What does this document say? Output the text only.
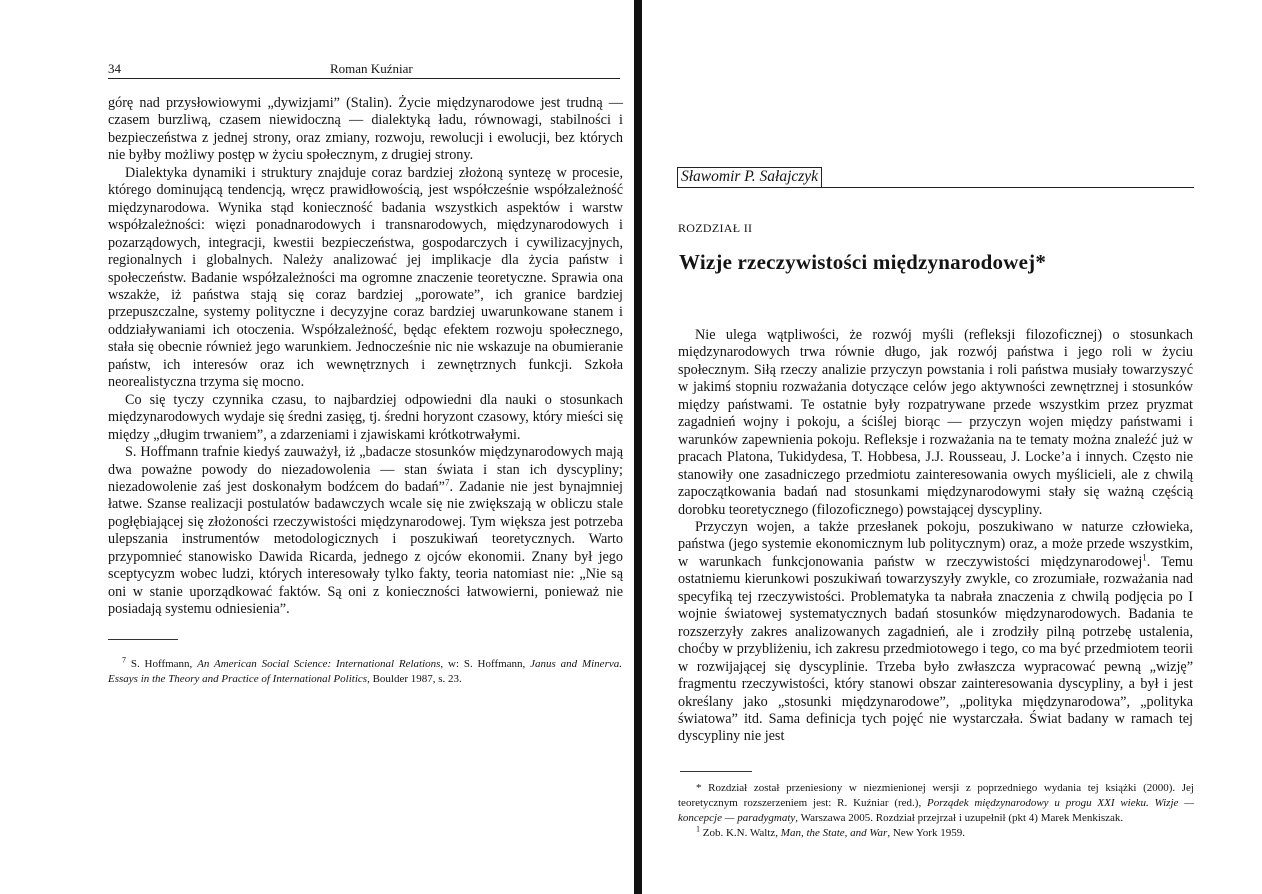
34	Roman Kuźniar

górę nad przysłowiowymi „dywizjami” (Stalin). Życie międzynarodowe jest trudną — czasem burzliwą, czasem niewidoczną — dialektyką ładu, równowagi, stabilności i bezpieczeństwa z jednej strony, oraz zmiany, rozwoju, rewolucji i ewolucji, bez których nie byłby możliwy postęp w życiu społecznym, z drugiej strony.

Dialektyka dynamiki i struktury znajduje coraz bardziej złożoną syntezę w procesie, którego dominującą tendencją, wręcz prawidłowością, jest współcześnie współzależność międzynarodowa. Wynika stąd konieczność badania wszystkich aspektów i warstw współzależności: więzi ponadnarodowych i transnarodowych, międzynarodowych i pozarządowych, integracji, kwestii bezpieczeństwa, gospodarczych i cywilizacyjnych, regionalnych i globalnych. Należy analizować jej implikacje dla życia państw i społeczeństw. Badanie współzależności ma ogromne znaczenie teoretyczne. Sprawia ona wszakże, iż państwa stają się coraz bardziej „porowate”, ich granice bardziej przepuszczalne, systemy polityczne i decyzyjne coraz bardziej uwarunkowane stanem i oddziaływaniami ich otoczenia. Współzależność, będąc efektem rozwoju społecznego, stała się obecnie również jego warunkiem. Jednocześnie nic nie wskazuje na obumieranie państw, ich interesów oraz ich wewnętrznych i zewnętrznych funkcji. Szkoła neorealistyczna trzyma się mocno.

Co się tyczy czynnika czasu, to najbardziej odpowiedni dla nauki o stosunkach międzynarodowych wydaje się średni zasięg, tj. średni horyzont czasowy, który mieści się między „długim trwaniem”, a zdarzeniami i zjawiskami krótkotrwałymi.

S. Hoffmann trafnie kiedyś zauważył, iż „badacze stosunków międzynarodowych mają dwa poważne powody do niezadowolenia — stan świata i stan ich dyscypliny; niezadowolenie zaś jest doskonałym bodźcem do badań”$^7$. Zadanie nie jest bynajmniej łatwe. Szanse realizacji postulatów badawczych wcale się nie zwiększają w obliczu stale pogłębiającej się złożoności rzeczywistości międzynarodowej. Tym większa jest potrzeba ulepszania instrumentów metodologicznych i poszukiwań teoretycznych. Warto przypomnieć stanowisko Dawida Ricarda, jednego z ojców ekonomii. Znany był jego sceptycyzm wobec ludzi, których interesowały tylko fakty, teoria natomiast nie: „Nie są oni w stanie uporządkować faktów. Są oni z konieczności łatwowierni, ponieważ nie posiadają systemu odniesienia”.

$^7$ S. Hoffmann, An American Social Science: International Relations, w: S. Hoffmann, Janus and Minerva. Essays in the Theory and Practice of International Politics, Boulder 1987, s. 23.
Sławomir P. Sałajczyk
ROZDZIAŁ II
Wizje rzeczywistości międzynarodowej*

Nie ulega wątpliwości, że rozwój myśli (refleksji filozoficznej) o stosunkach międzynarodowych trwa równie długo, jak rozwój państwa i jego roli w życiu społecznym. Siłą rzeczy analizie przyczyn powstania i roli państwa musiały towarzyszyć w jakimś stopniu rozważania dotyczące celów jego aktywności zewnętrznej i stosunków między państwami. Te ostatnie były rozpatrywane przede wszystkim przez pryzmat zagadnień wojny i pokoju, a ściślej biorąc — przyczyn wojen między państwami i warunków zapewnienia pokoju. Refleksje i rozważania na te tematy można znaleźć już w pracach Platona, Tukidydesa, T. Hobbesa, J.J. Rousseau, J. Locke’a i innych. Często nie stanowiły one zasadniczego przedmiotu zainteresowania owych myślicieli, ale z chwilą zapoczątkowania badań nad stosunkami międzynarodowymi stały się ważną częścią dorobku teoretycznego (filozoficznego) powstającej dyscypliny.

Przyczyn wojen, a także przesłanek pokoju, poszukiwano w naturze człowieka, państwa (jego systemie ekonomicznym lub politycznym) oraz, a może przede wszystkim, w warunkach funkcjonowania państw w rzeczywistości międzynarodowej$^1$. Temu ostatniemu kierunkowi poszukiwań towarzyszyły zwykle, co zrozumiałe, rozważania nad specyfiką tej rzeczywistości. Problematyka ta nabrała znaczenia z chwilą podjęcia po I wojnie światowej systematycznych badań stosunków międzynarodowych. Badania te rozszerzyły zakres analizowanych zagadnień, ale i zrodziły pilną potrzebę ustalenia, choćby w przybliżeniu, ich zakresu przedmiotowego i tego, co ma być przedmiotem teorii w rozwijającej się dyscyplinie. Trzeba było zwłaszcza wypracować pewną „wizję” fragmentu rzeczywistości, który stanowi obszar zainteresowania dyscypliny, a był i jest określany jako „stosunki międzynarodowe”, „polityka międzynarodowa”, „polityka światowa” itd. Sama definicja tych pojęć nie wystarczała. Świat badany w ramach tej dyscypliny nie jest

* Rozdział został przeniesiony w niezmienionej wersji z poprzedniego wydania tej książki (2000). Jej teoretycznym rozszerzeniem jest: R. Kuźniar (red.), Porządek międzynarodowy u progu XXI wieku. Wizje — koncepcje — paradygmaty, Warszawa 2005. Rozdział przejrzał i uzupełnił (pkt 4) Marek Menkiszak.

$^1$ Zob. K.N. Waltz, Man, the State, and War, New York 1959.
